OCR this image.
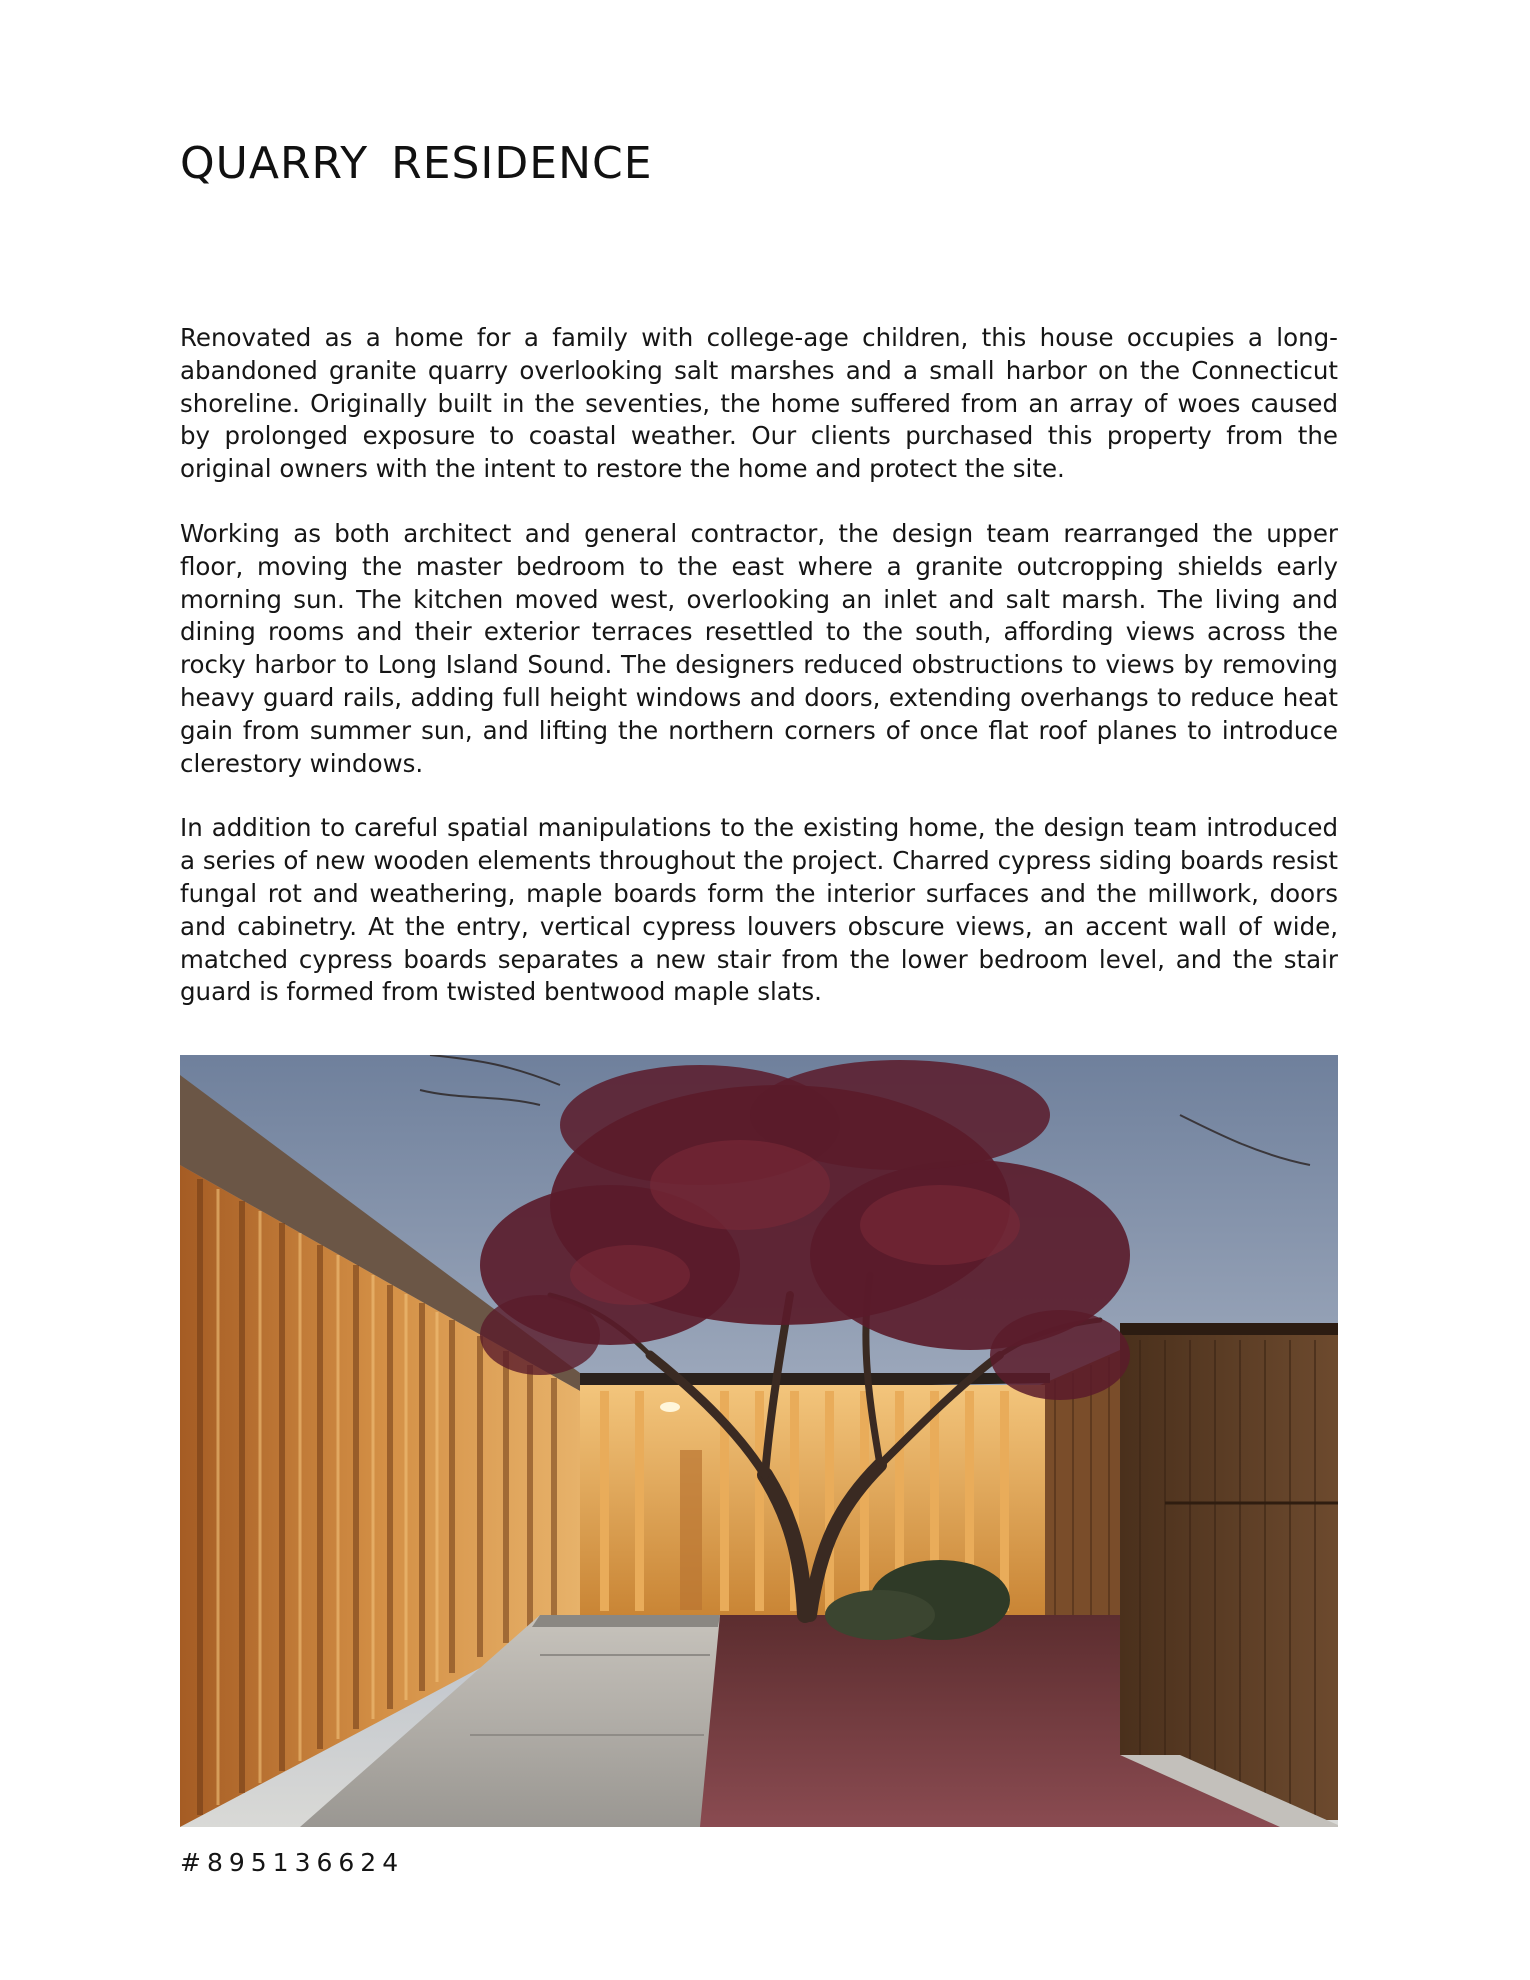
QUARRY RESIDENCE

Renovated as a home for a family with college-age children, this house occupies a long-abandoned granite quarry overlooking salt marshes and a small harbor on the Connecticut shoreline. Originally built in the seventies, the home suffered from an array of woes caused by prolonged exposure to coastal weather. Our clients purchased this property from the original owners with the intent to restore the home and protect the site.

Working as both architect and general contractor, the design team rearranged the upper floor, moving the master bedroom to the east where a granite outcropping shields early morning sun. The kitchen moved west, overlooking an inlet and salt marsh. The living and dining rooms and their exterior terraces resettled to the south, affording views across the rocky harbor to Long Island Sound. The designers reduced obstructions to views by removing heavy guard rails, adding full height windows and doors, extending overhangs to reduce heat gain from summer sun, and lifting the northern corners of once flat roof planes to introduce clerestory windows.

In addition to careful spatial manipulations to the existing home, the design team introduced a series of new wooden elements throughout the project. Charred cypress siding boards resist fungal rot and weathering, maple boards form the interior surfaces and the millwork, doors and cabinetry. At the entry, vertical cypress louvers obscure views, an accent wall of wide, matched cypress boards separates a new stair from the lower bedroom level, and the stair guard is formed from twisted bentwood maple slats.

#895136624
